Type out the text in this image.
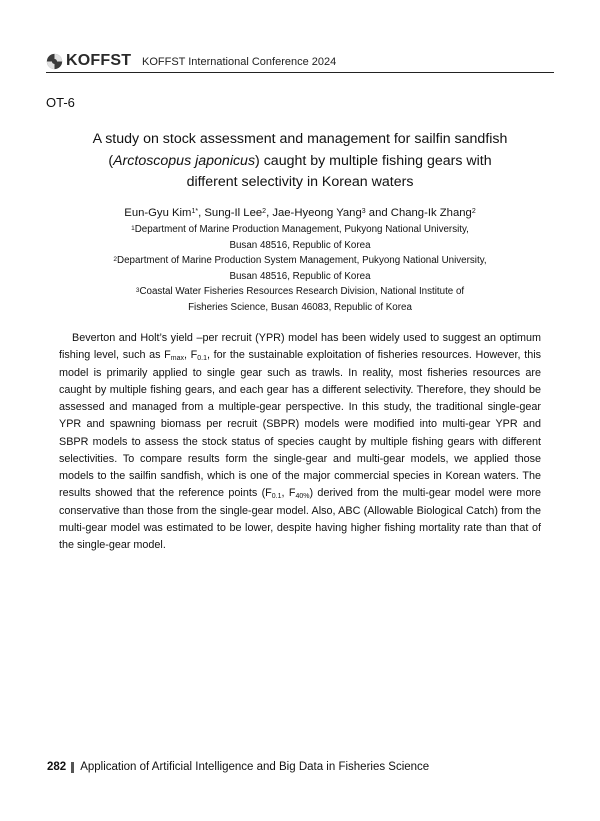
KOFFST KOFFST International Conference 2024
OT-6
A study on stock assessment and management for sailfin sandfish
(Arctoscopus japonicus) caught by multiple fishing gears with
different selectivity in Korean waters
Eun-Gyu Kim$^{1*}$, Sung-Il Lee$^2$, Jae-Hyeong Yang$^3$ and Chang-Ik Zhang$^2$
$^1$Department of Marine Production Management, Pukyong National University,
Busan 48516, Republic of Korea
$^2$Department of Marine Production System Management, Pukyong National University,
Busan 48516, Republic of Korea
$^3$Coastal Water Fisheries Resources Research Division, National Institute of
Fisheries Science, Busan 46083, Republic of Korea
Beverton and Holt’s yield –per recruit (YPR) model has been widely used to suggest an optimum fishing level, such as $F_{max}$, $F_{0.1}$, for the sustainable exploitation of fisheries resources. However, this model is primarily applied to single gear such as trawls. In reality, most fisheries resources are caught by multiple fishing gears, and each gear has a different selectivity. Therefore, they should be assessed and managed from a multiple-gear perspective. In this study, the traditional single-gear YPR and spawning biomass per recruit (SBPR) models were modified into multi-gear YPR and SBPR models to assess the stock status of species caught by multiple fishing gears with different selectivities. To compare results form the single-gear and multi-gear models, we applied those models to the sailfin sandfish, which is one of the major commercial species in Korean waters. The results showed that the reference points ($F_{0.1}$, $F_{40\%}$) derived from the multi-gear model were more conservative than those from the single-gear model. Also, ABC (Allowable Biological Catch) from the multi-gear model was estimated to be lower, despite having higher fishing mortality rate than that of the single-gear model.
282 Application of Artificial Intelligence and Big Data in Fisheries Science
